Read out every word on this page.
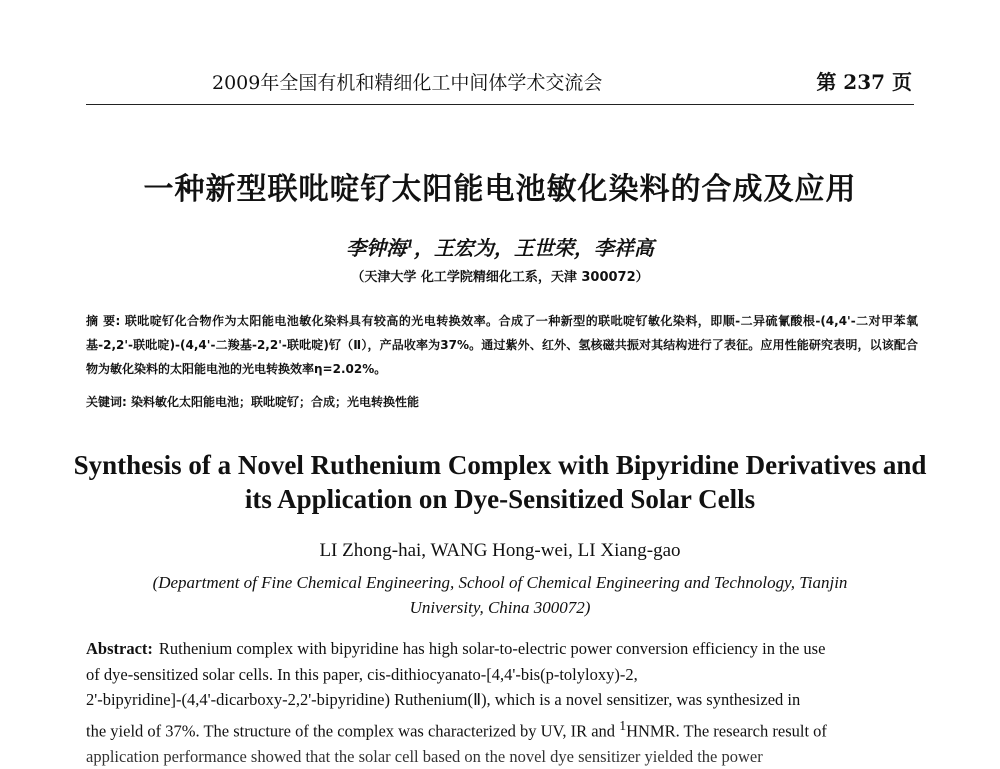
2009年全国有机和精细化工中间体学术交流会	第 237 页
一种新型联吡啶钌太阳能电池敏化染料的合成及应用
李钟海$^1$，王宏为，王世荣，李祥高
（天津大学 化工学院精细化工系，天津 300072）
摘 要: 联吡啶钌化合物作为太阳能电池敏化染料具有较高的光电转换效率。合成了一种新型的联吡啶钌敏化染料，即顺-二异硫氰酸根-(4,4'-二对甲苯氧基-2,2'-联吡啶)-(4,4'-二羧基-2,2'-联吡啶)钌（Ⅱ），产品收率为37%。通过紫外、红外、氢核磁共振对其结构进行了表征。应用性能研究表明，以该配合物为敏化染料的太阳能电池的光电转换效率η=2.02%。
关键词: 染料敏化太阳能电池；联吡啶钌；合成；光电转换性能
Synthesis of a Novel Ruthenium Complex with Bipyridine Derivatives and
its Application on Dye-Sensitized Solar Cells
LI Zhong-hai, WANG Hong-wei, LI Xiang-gao
(Department of Fine Chemical Engineering, School of Chemical Engineering and Technology, Tianjin
University, China 300072)
Abstract: Ruthenium complex with bipyridine has high solar-to-electric power conversion efficiency in the use
of dye-sensitized solar cells. In this paper, cis-dithiocyanato-[4,4'-bis(p-tolyloxy)-2,
2'-bipyridine]-(4,4'-dicarboxy-2,2'-bipyridine) Ruthenium(Ⅱ), which is a novel sensitizer, was synthesized in
the yield of 37%. The structure of the complex was characterized by UV, IR and $^1$HNMR. The research result of
application performance showed that the solar cell based on the novel dye sensitizer yielded the power
